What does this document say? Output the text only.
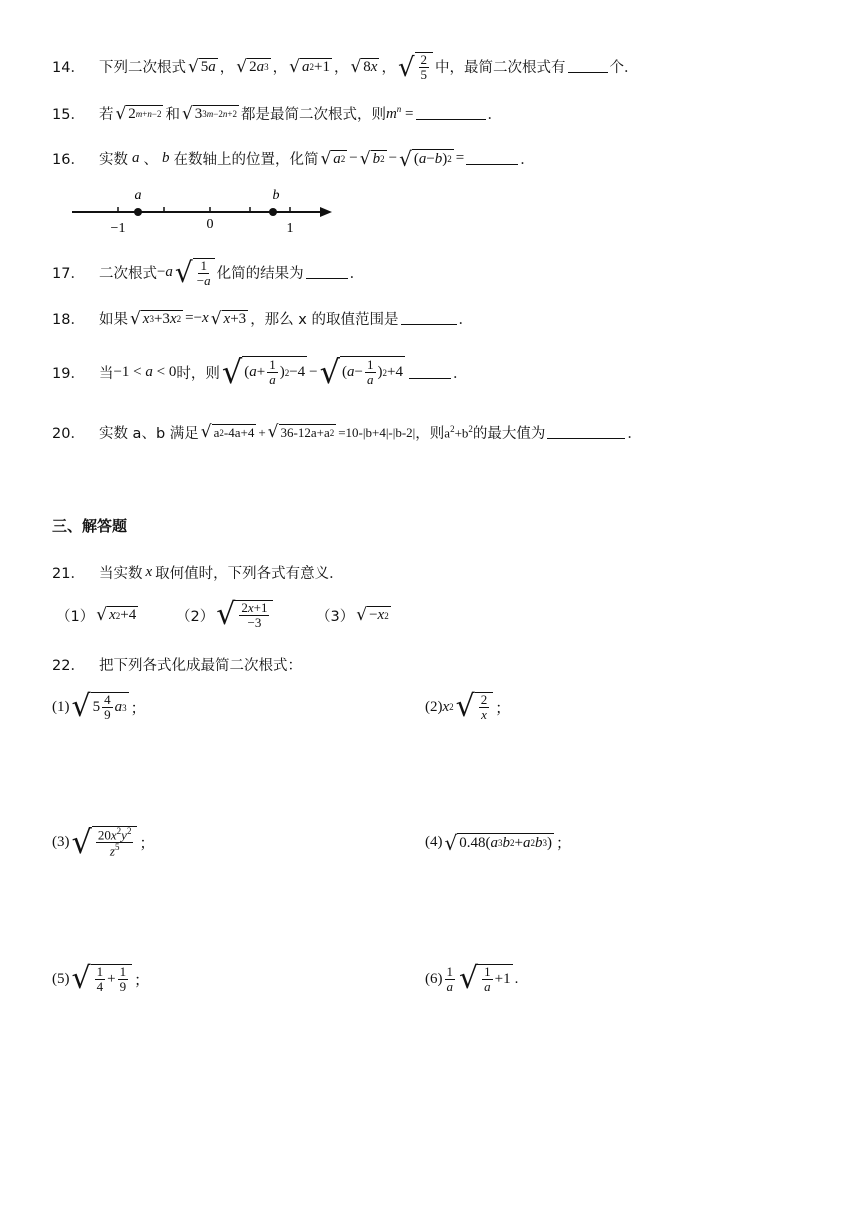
14． 下列二次根式 √ 5 a ， √ 2 a 3 ， √ a 2 +1 ， √ 8 x ， √ $\frac{2}{5}$ 中，最简二次根式有	个．
15． 若 √ 2 m+n−2 和 √ 3 3m−2n+2 都是最简二次根式，则 $m^n$ =	．
16． 实数 a 、 b 在数轴上的位置，化简 √ a 2 − √ b 2 − √ ( a − b ) 2 =	．
a	b
−1	0	1
17． 二次根式 − a √ $\frac{1}{-a}$ 化简的结果为	．
18． 如果 √ x 3 +3 x 2 =− x √ x +3 ，那么 x 的取值范围是	．
19． 当 −1 < a < 0 时，则 √ ( $a + \frac{1}{a}$ ) 2 −4 − √ ( $a - \frac{1}{a}$ ) 2 +4	．
20． 实数 a、b 满足 √ a 2 -4a+4 + √ 36-12a+a 2 =10-|b+4|-|b-2| ，则 $a^2+b^2$ 的最大值为	．
三、解答题
21． 当实数 x 取何值时，下列各式有意义．
（1） √ x 2 +4	（2） √ $\frac{2x+1}{-3}$	（3） √ − x 2
22． 把下列各式化成最简二次根式：
(1) √ $5 \frac{4}{9}$ a 3 ；	(2) x 2 √ $\frac{2}{x}$ ；
(3) √ $\frac{20x^2y^2}{z^5}$ ；	(4) √ 0.48( a 3 b 2 + a 2 b 3 ) ；
(5) √ $\frac{1}{4} + \frac{1}{9}$ ；	$(6) \frac{1}{a}$ √ $\frac{1}{a} +1$ .
